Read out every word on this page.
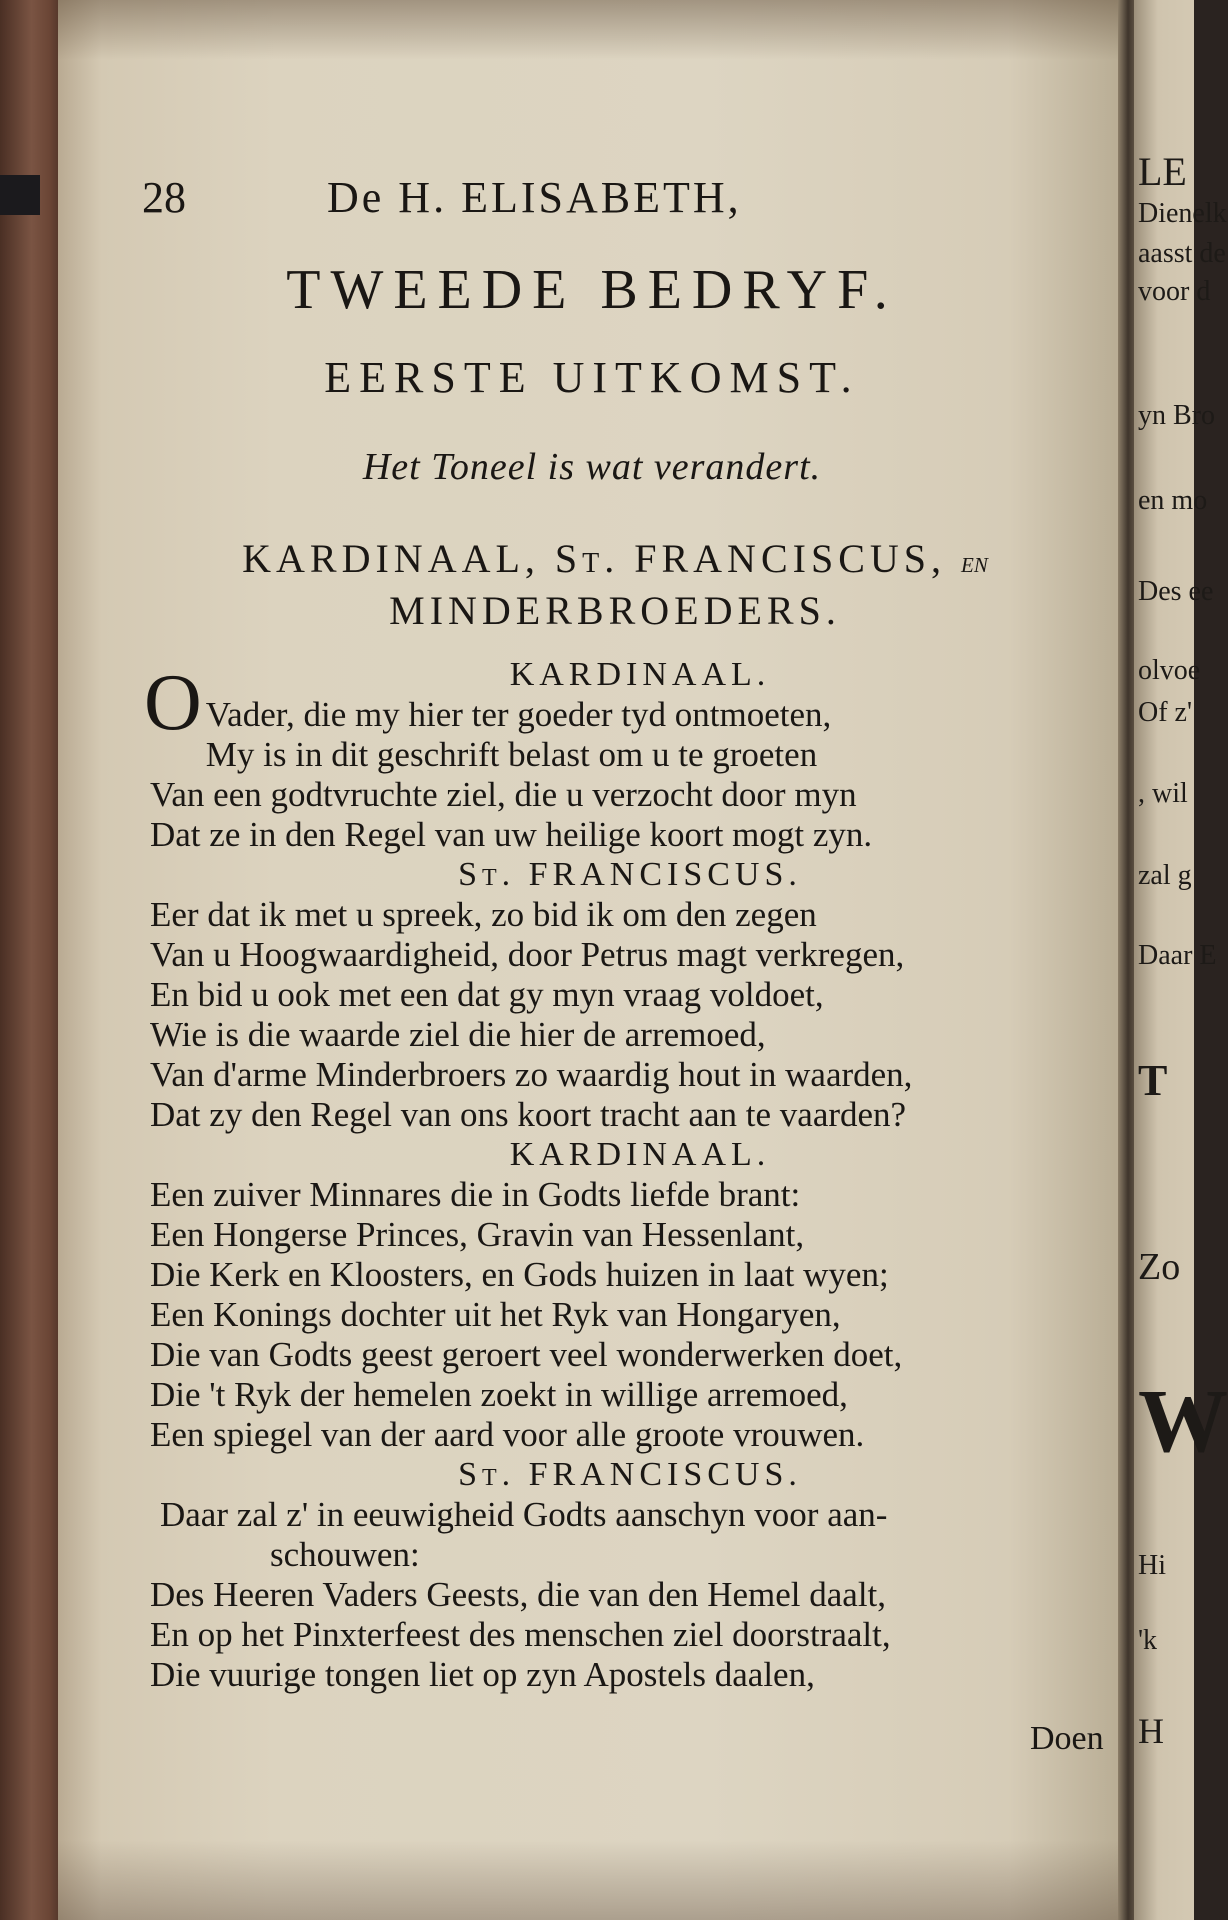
LE
Dienelk
aasst de
voor d
yn Bro
en mo
Des ee
olvoe
Of z'
, wil
zal g
Daar E
T
Zo
W
Hi
'k
H
28	De H. ELISABETH,
TWEEDE BEDRYF.
EERSTE UITKOMST.
Het Toneel is wat verandert.
KARDINAAL, St. FRANCISCUS, en
MINDERBROEDERS.
KARDINAAL.
O Vader, die my hier ter goeder tyd ontmoeten,
My is in dit geschrift belast om u te groeten
Van een godtvruchte ziel, die u verzocht door myn
Dat ze in den Regel van uw heilige koort mogt zyn.
St. FRANCISCUS.
Eer dat ik met u spreek, zo bid ik om den zegen
Van u Hoogwaardigheid, door Petrus magt verkregen,
En bid u ook met een dat gy myn vraag voldoet,
Wie is die waarde ziel die hier de arremoed,
Van d'arme Minderbroers zo waardig hout in waarden,
Dat zy den Regel van ons koort tracht aan te vaarden?
KARDINAAL.
Een zuiver Minnares die in Godts liefde brant:
Een Hongerse Princes, Gravin van Hessenlant,
Die Kerk en Kloosters, en Gods huizen in laat wyen;
Een Konings dochter uit het Ryk van Hongaryen,
Die van Godts geest geroert veel wonderwerken doet,
Die 't Ryk der hemelen zoekt in willige arremoed,
Een spiegel van der aard voor alle groote vrouwen.
St. FRANCISCUS.
Daar zal z' in eeuwigheid Godts aanschyn voor aan-
schouwen:
Des Heeren Vaders Geests, die van den Hemel daalt,
En op het Pinxterfeest des menschen ziel doorstraalt,
Die vuurige tongen liet op zyn Apostels daalen,
Doen
